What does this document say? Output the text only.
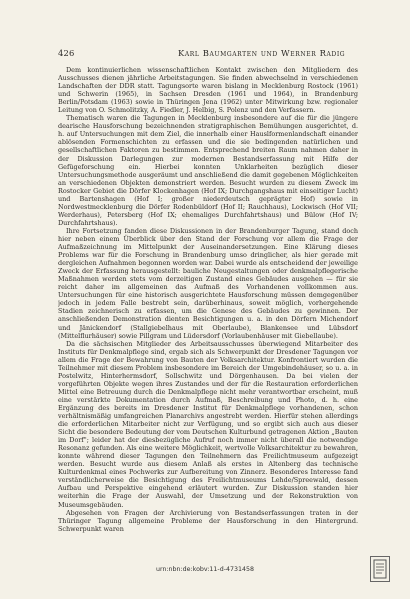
426	Karl Baumgarten und Werner Radig

Dem kontinuierlichen wissenschaftlichen Kontakt zwischen den Mitgliedern des Ausschusses dienen jährliche Arbeitstagungen. Sie finden abwechselnd in verschiedenen Landschaften der DDR statt. Tagungsorte waren bislang in Mecklenburg Rostock (1961) und Schwerin (1965), in Sachsen Dresden (1961 und 1964), in Brandenburg Berlin/Potsdam (1963) sowie in Thüringen Jena (1962) unter Mitwirkung bzw. regionaler Leitung von O. Schmolitzky, A. Fiedler, J. Helbig, S. Polenz und den Verfassern.

Thematisch waren die Tagungen in Mecklenburg insbesondere auf die für die jüngere dearische Hausforschung bezeichnenden stratigraphischen Bemühungen ausgerichtet, d. h. auf Untersuchungen mit dem Ziel, die innerhalb einer Hauslformenlandschaft einander ablösenden Formenschichten zu erfassen und die sie bedingenden natürlichen und gesellschaftlichen Faktoren zu bestimmen. Entsprechend breiten Raum nahmen daher in der Diskussion Darlegungen zur modernen Bestandserfassung mit Hilfe der Gefügeforschung ein. Hierbei konnten Unklarheiten bezüglich dieser Untersuchungsmethode ausgeräumt und anschließend die damit gegebenen Möglichkeiten an verschiedenen Objekten demonstriert werden. Besucht wurden zu diesem Zweck im Rostocker Gebiet die Dörfer Klockenhagen (Hof IX; Durchgangshaus mit einseitiger Lucht) und Bartenshagen (Hof I; großer niederdeutsch geprägter Hof) sowie in Nordwestmecklenburg die Dörfer Rodenbüldorf (Hof II; Rauchhaus), Lockwisch (Hof VII; Werderhaus), Petersberg (Hof IX; ehemaliges Durchfahrtshaus) und Bülow (Hof IV; Durchfahrtshaus).

Ihre Fortsetzung fanden diese Diskussionen in der Brandenburger Tagung, stand doch hier neben einem Überblick über den Stand der Forschung vor allem die Frage der Aufmaßzeichnung im Mittelpunkt der Auseinandersetzungen. Eine Klärung dieses Problems war für die Forschung in Brandenburg umso dringlicher, als hier gerade mit dergleichen Aufnahmen begonnen worden war. Dabei wurde als entscheidend der jeweilige Zweck der Erfassung herausgestellt: bauliche Neugestaltungen oder denkmalpflegerische Maßnahmen werden stets vom derzeitigen Zustand eines Gebäudes ausgehen — für sie reicht daher im allgemeinen das Aufmaß des Vorhandenen vollkommen aus. Untersuchungen für eine historisch ausgerichtete Hausforschung müssen demgegenüber jedoch in jedem Falle bestrebt sein, darüberhinaus, soweit möglich, vorhergehende Stadien zeichnerisch zu erfassen, um die Genese des Gebäudes zu gewinnen. Der anschließenden Demonstration dienten Besichtigungen u. a. in den Dörfern Michendorf und Jänickendorf (Stallgiebelhaus mit Oberlaube), Blankensee und Lübsdorf (Mittelflurhäuser) sowie Pillgram und Lüdersdorf (Vorlaubenhäuser mit Giebellaube).

Da die sächsischen Mitglieder des Arbeitsausschusses überwiegend Mitarbeiter des Instituts für Denkmalpflege sind, ergab sich als Schwerpunkt der Dresdener Tagungen vor allem die Frage der Bewahrung von Bauten der Volksarchitektur. Konfrontiert wurden die Teilnehmer mit diesem Problem insbesondere im Bereich der Umgebindehäuser, so u. a. in Postelwitz, Hinterhermsdorf, Sollschwitz und Dörgenhausen. Da bei vielen der vorgeführten Objekte wegen ihres Zustandes und der für die Restauration erforderlichen Mittel eine Betreuung durch die Denkmalpflege nicht mehr verantwortbar erscheint, muß eine verstärkte Dokumentation durch Aufmaß, Beschreibung und Photo, d. h. eine Ergänzung des bereits im Dresdener Institut für Denkmalpflege vorhandenen, schon verhältnismäßig umfangreichen Planarchivs angestrebt werden. Hierfür stehen allerdings die erforderlichen Mitarbeiter nicht zur Verfügung, und so ergibt sich auch aus dieser Sicht die besondere Bedeutung der vom Deutschen Kulturbund getragenen Aktion „Bauten im Dorf"; leider hat der diesbezügliche Aufruf noch immer nicht überall die notwendige Resonanz gefunden. Als eine weitere Möglichkeit, wertvolle Volksarchitektur zu bewahren, konnte während dieser Tagungen den Teilnehmern das Freilichtmuseum aufgezeigt werden. Besucht wurde aus diesem Anlaß als erstes in Altenberg das technische Kulturdenkmal eines Pochwerks zur Aufbereitung von Zinnerz. Besonderes Interesse fand verständlicherweise die Besichtigung des Freilichtmuseums Lehde/Spreewald, dessen Aufbau und Perspektive eingehend erläutert wurden. Zur Diskussion standen hier weiterhin die Frage der Auswahl, der Umsetzung und der Rekonstruktion von Museumsgebäuden.

Abgesehen von Fragen der Archivierung von Bestandserfassungen traten in der Thüringer Tagung allgemeine Probleme der Hausforschung in den Hintergrund. Schwerpunkt waren

urn:nbn:de:kobv:11-d-4731458
